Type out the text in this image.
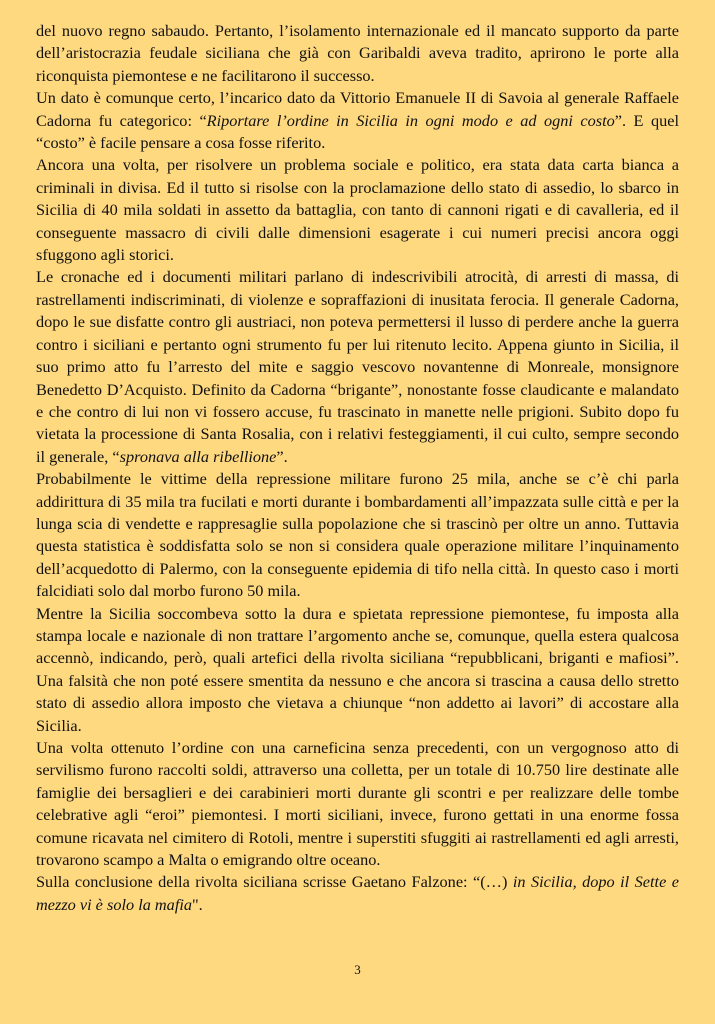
del nuovo regno sabaudo. Pertanto, l’isolamento internazionale ed il mancato supporto da parte dell’aristocrazia feudale siciliana che già con Garibaldi aveva tradito, aprirono le porte alla riconquista piemontese e ne facilitarono il successo.

Un dato è comunque certo, l’incarico dato da Vittorio Emanuele II di Savoia al generale Raffaele Cadorna fu categorico: “Riportare l’ordine in Sicilia in ogni modo e ad ogni costo”. E quel “costo” è facile pensare a cosa fosse riferito.

Ancora una volta, per risolvere un problema sociale e politico, era stata data carta bianca a criminali in divisa. Ed il tutto si risolse con la proclamazione dello stato di assedio, lo sbarco in Sicilia di 40 mila soldati in assetto da battaglia, con tanto di cannoni rigati e di cavalleria, ed il conseguente massacro di civili dalle dimensioni esagerate i cui numeri precisi ancora oggi sfuggono agli storici.

Le cronache ed i documenti militari parlano di indescrivibili atrocità, di arresti di massa, di rastrellamenti indiscriminati, di violenze e sopraffazioni di inusitata ferocia. Il generale Cadorna, dopo le sue disfatte contro gli austriaci, non poteva permettersi il lusso di perdere anche la guerra contro i siciliani e pertanto ogni strumento fu per lui ritenuto lecito. Appena giunto in Sicilia, il suo primo atto fu l’arresto del mite e saggio vescovo novantenne di Monreale, monsignore Benedetto D’Acquisto. Definito da Cadorna “brigante”, nonostante fosse claudicante e malandato e che contro di lui non vi fossero accuse, fu trascinato in manette nelle prigioni. Subito dopo fu vietata la processione di Santa Rosalia, con i relativi festeggiamenti, il cui culto, sempre secondo il generale, “spronava alla ribellione”.

Probabilmente le vittime della repressione militare furono 25 mila, anche se c’è chi parla addirittura di 35 mila tra fucilati e morti durante i bombardamenti all’impazzata sulle città e per la lunga scia di vendette e rappresaglie sulla popolazione che si trascinò per oltre un anno. Tuttavia questa statistica è soddisfatta solo se non si considera quale operazione militare l’inquinamento dell’acquedotto di Palermo, con la conseguente epidemia di tifo nella città. In questo caso i morti falcidiati solo dal morbo furono 50 mila.

Mentre la Sicilia soccombeva sotto la dura e spietata repressione piemontese, fu imposta alla stampa locale e nazionale di non trattare l’argomento anche se, comunque, quella estera qualcosa accennò, indicando, però, quali artefici della rivolta siciliana “repubblicani, briganti e mafiosi”. Una falsità che non poté essere smentita da nessuno e che ancora si trascina a causa dello stretto stato di assedio allora imposto che vietava a chiunque “non addetto ai lavori” di accostare alla Sicilia.

Una volta ottenuto l’ordine con una carneficina senza precedenti, con un vergognoso atto di servilismo furono raccolti soldi, attraverso una colletta, per un totale di 10.750 lire destinate alle famiglie dei bersaglieri e dei carabinieri morti durante gli scontri e per realizzare delle tombe celebrative agli “eroi” piemontesi. I morti siciliani, invece, furono gettati in una enorme fossa comune ricavata nel cimitero di Rotoli, mentre i superstiti sfuggiti ai rastrellamenti ed agli arresti, trovarono scampo a Malta o emigrando oltre oceano.

Sulla conclusione della rivolta siciliana scrisse Gaetano Falzone: “(…) in Sicilia, dopo il Sette e mezzo vi è solo la mafia".

3
